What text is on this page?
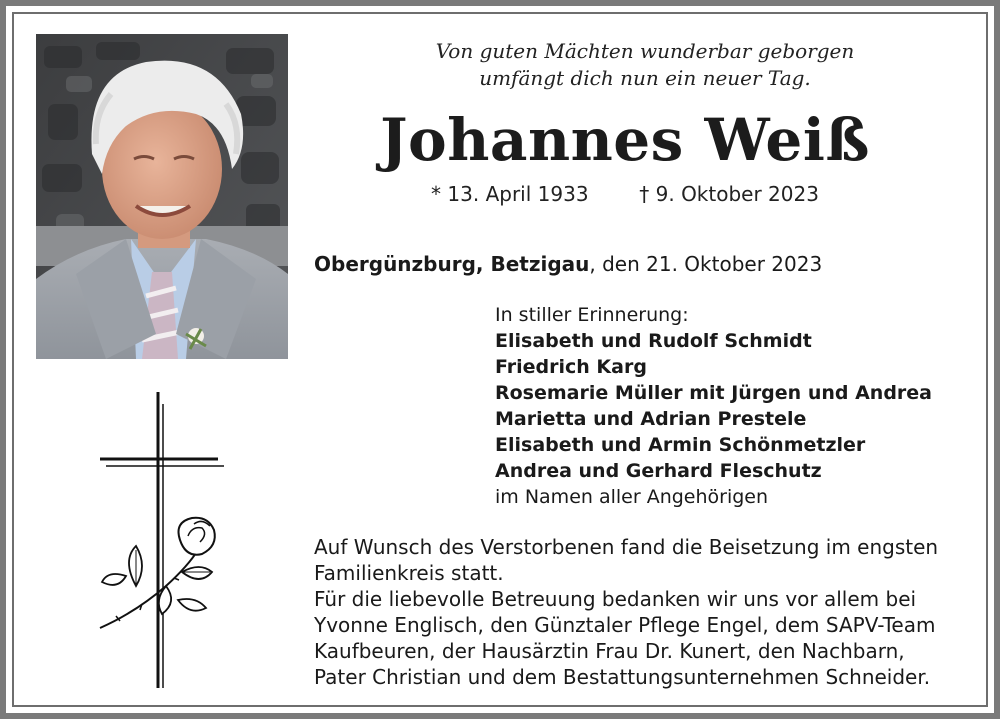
Von guten Mächten wunderbar geborgen
umfängt dich nun ein neuer Tag.
Johannes Weiß
* 13. April 1933	† 9. Oktober 2023
Obergünzburg, Betzigau, den 21. Oktober 2023
In stiller Erinnerung:
Elisabeth und Rudolf Schmidt
Friedrich Karg
Rosemarie Müller mit Jürgen und Andrea
Marietta und Adrian Prestele
Elisabeth und Armin Schönmetzler
Andrea und Gerhard Fleschutz
im Namen aller Angehörigen
Auf Wunsch des Verstorbenen fand die Beisetzung im engsten
Familienkreis statt.
Für die liebevolle Betreuung bedanken wir uns vor allem bei
Yvonne Englisch, den Günztaler Pflege Engel, dem SAPV-Team
Kaufbeuren, der Hausärztin Frau Dr. Kunert, den Nachbarn,
Pater Christian und dem Bestattungsunternehmen Schneider.
